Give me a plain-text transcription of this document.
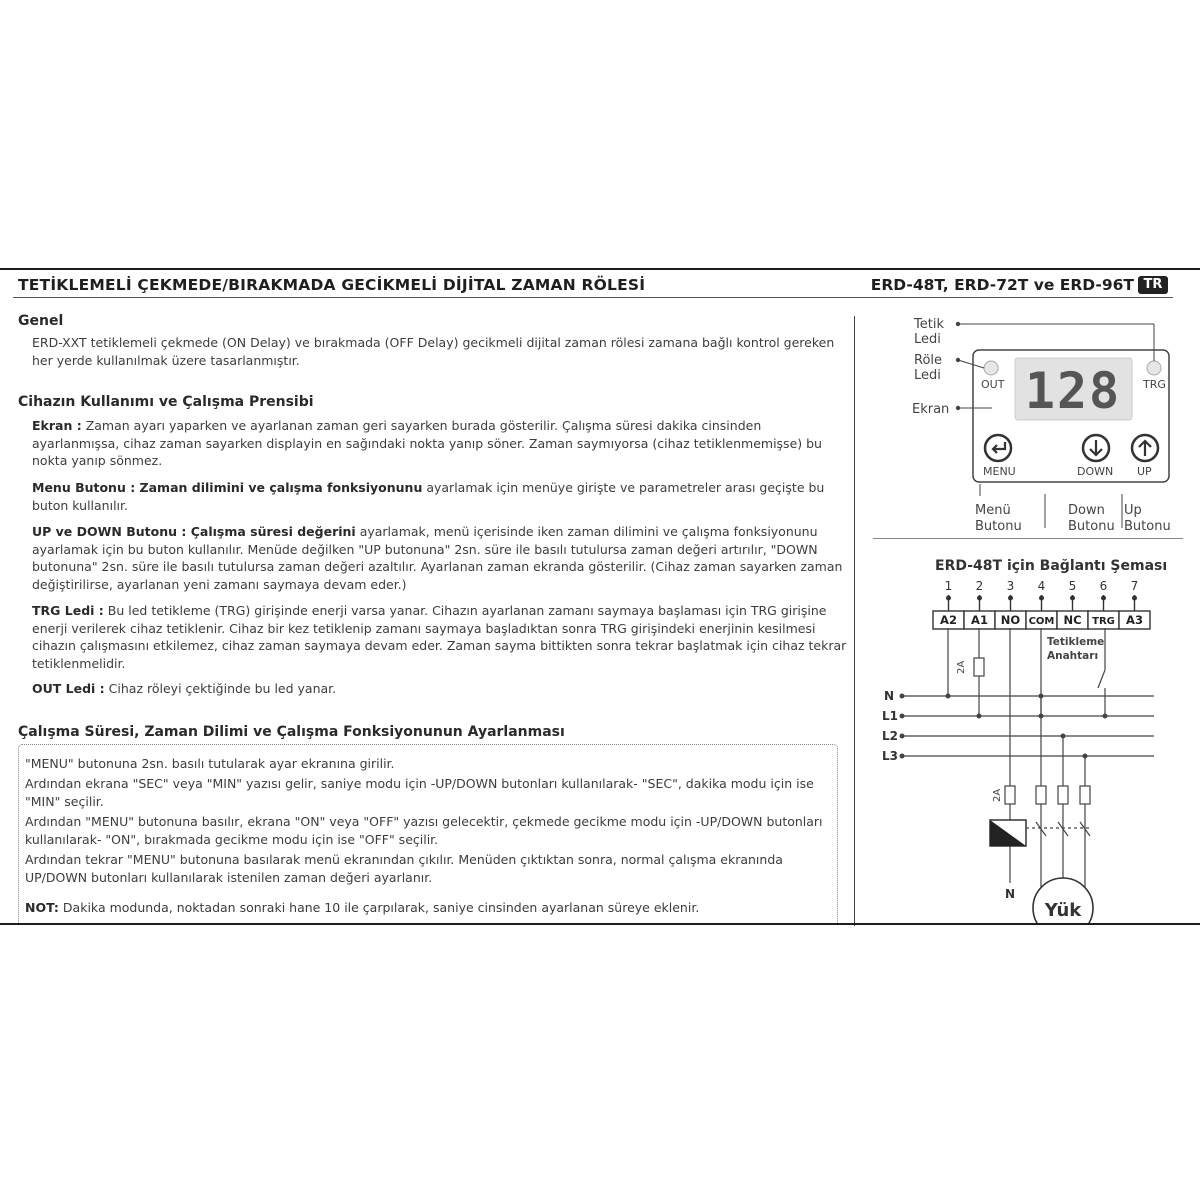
TETİKLEMELİ ÇEKMEDE/BIRAKMADA GECİKMELİ DİJİTAL ZAMAN RÖLESİ	ERD-48T, ERD-72T ve ERD-96T TR
Genel

ERD-XXT tetiklemeli çekmede (ON Delay) ve bırakmada (OFF Delay) gecikmeli dijital zaman rölesi zamana bağlı kontrol gereken her yerde kullanılmak üzere tasarlanmıştır.

Cihazın Kullanımı ve Çalışma Prensibi

Ekran : Zaman ayarı yaparken ve ayarlanan zaman geri sayarken burada gösterilir. Çalışma süresi dakika cinsinden ayarlanmışsa, cihaz zaman sayarken displayin en sağındaki nokta yanıp söner. Zaman saymıyorsa (cihaz tetiklenmemişse) bu nokta yanıp sönmez.

Menu Butonu : Zaman dilimini ve çalışma fonksiyonunu ayarlamak için menüye girişte ve parametreler arası geçişte bu buton kullanılır.

UP ve DOWN Butonu : Çalışma süresi değerini ayarlamak, menü içerisinde iken zaman dilimini ve çalışma fonksiyonunu ayarlamak için bu buton kullanılır. Menüde değilken "UP butonuna" 2sn. süre ile basılı tutulursa zaman değeri artırılır, "DOWN butonuna" 2sn. süre ile basılı tutulursa zaman değeri azaltılır. Ayarlanan zaman ekranda gösterilir. (Cihaz zaman sayarken zaman değiştirilirse, ayarlanan yeni zamanı saymaya devam eder.)

TRG Ledi : Bu led tetikleme (TRG) girişinde enerji varsa yanar. Cihazın ayarlanan zamanı saymaya başlaması için TRG girişine enerji verilerek cihaz tetiklenir. Cihaz bir kez tetiklenip zamanı saymaya başladıktan sonra TRG girişindeki enerjinin kesilmesi cihazın çalışmasını etkilemez, cihaz zaman saymaya devam eder. Zaman sayma bittikten sonra tekrar başlatmak için cihaz tekrar tetiklenmelidir.

OUT Ledi : Cihaz röleyi çektiğinde bu led yanar.

Çalışma Süresi, Zaman Dilimi ve Çalışma Fonksiyonunun Ayarlanması

"MENU" butonuna 2sn. basılı tutularak ayar ekranına girilir.

Ardından ekrana "SEC" veya "MIN" yazısı gelir, saniye modu için -UP/DOWN butonları kullanılarak- "SEC", dakika modu için ise "MIN" seçilir.

Ardından "MENU" butonuna basılır, ekrana "ON" veya "OFF" yazısı gelecektir, çekmede gecikme modu için -UP/DOWN butonları kullanılarak- "ON", bırakmada gecikme modu için ise "OFF" seçilir.

Ardından tekrar "MENU" butonuna basılarak menü ekranından çıkılır. Menüden çıktıktan sonra, normal çalışma ekranında UP/DOWN butonları kullanılarak istenilen zaman değeri ayarlanır.

NOT: Dakika modunda, noktadan sonraki hane 10 ile çarpılarak, saniye cinsinden ayarlanan süreye eklenir.

OUT	TRG
128
MENU	DOWN UP
Tetik
Ledi
Röle
Ledi
Ekran
Menü
Butonu
Down
Butonu
Up
Butonu
ERD-48T için Bağlantı Şeması
1
A2
2
A1
3
NO
4
COM
5
NC
6
TRG
7
A3
2A
2A
N
L1
L2
L3
N
Tetikleme
Anahtarı
Yük
